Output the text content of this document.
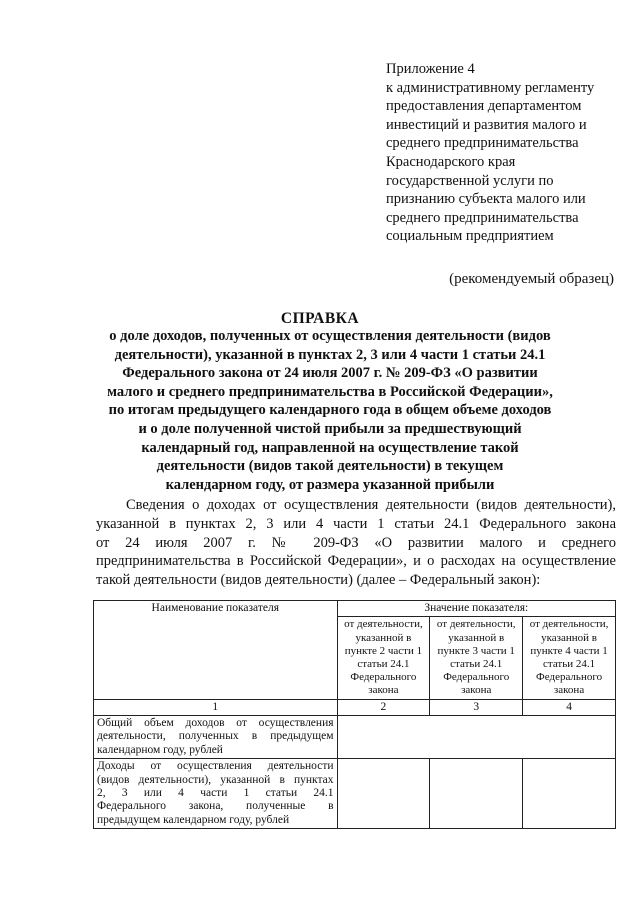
Приложение 4
к административному регламенту
предоставления департаментом
инвестиций и развития малого и
среднего предпринимательства
Краснодарского края
государственной услуги по
признанию субъекта малого или
среднего предпринимательства
социальным предприятием
(рекомендуемый образец)
СПРАВКА
о доле доходов, полученных от осуществления деятельности (видов
деятельности), указанной в пунктах 2, 3 или 4 части 1 статьи 24.1
Федерального закона от 24 июля 2007 г. № 209-ФЗ «О развитии
малого и среднего предпринимательства в Российской Федерации»,
по итогам предыдущего календарного года в общем объеме доходов
и о доле полученной чистой прибыли за предшествующий
календарный год, направленной на осуществление такой
деятельности (видов такой деятельности) в текущем
календарном году, от размера указанной прибыли
Сведения о доходах от осуществления деятельности (видов деятельности),
указанной в пунктах 2, 3 или 4 части 1 статьи 24.1 Федерального закона
от 24 июля 2007 г. № 209-ФЗ «О развитии малого и среднего
предпринимательства в Российской Федерации», и о расходах на осуществление
такой деятельности (видов деятельности) (далее – Федеральный закон):
Наименование показателя	Значение показателя:		
	от деятельности, указанной в пункте 2 части 1 статьи 24.1 Федерального закона	от деятельности, указанной в пункте 3 части 1 статьи 24.1 Федерального закона	от деятельности, указанной в пункте 4 части 1 статьи 24.1 Федерального закона
1	2	3	4

Общий объем доходов от осуществления
деятельности, полученных в предыдущем
календарном году, рублей			

Доходы от осуществления деятельности
(видов деятельности), указанной в пунктах
2, 3 или 4 части 1 статьи 24.1
Федерального закона, полученные в
предыдущем календарном году, рублей			
